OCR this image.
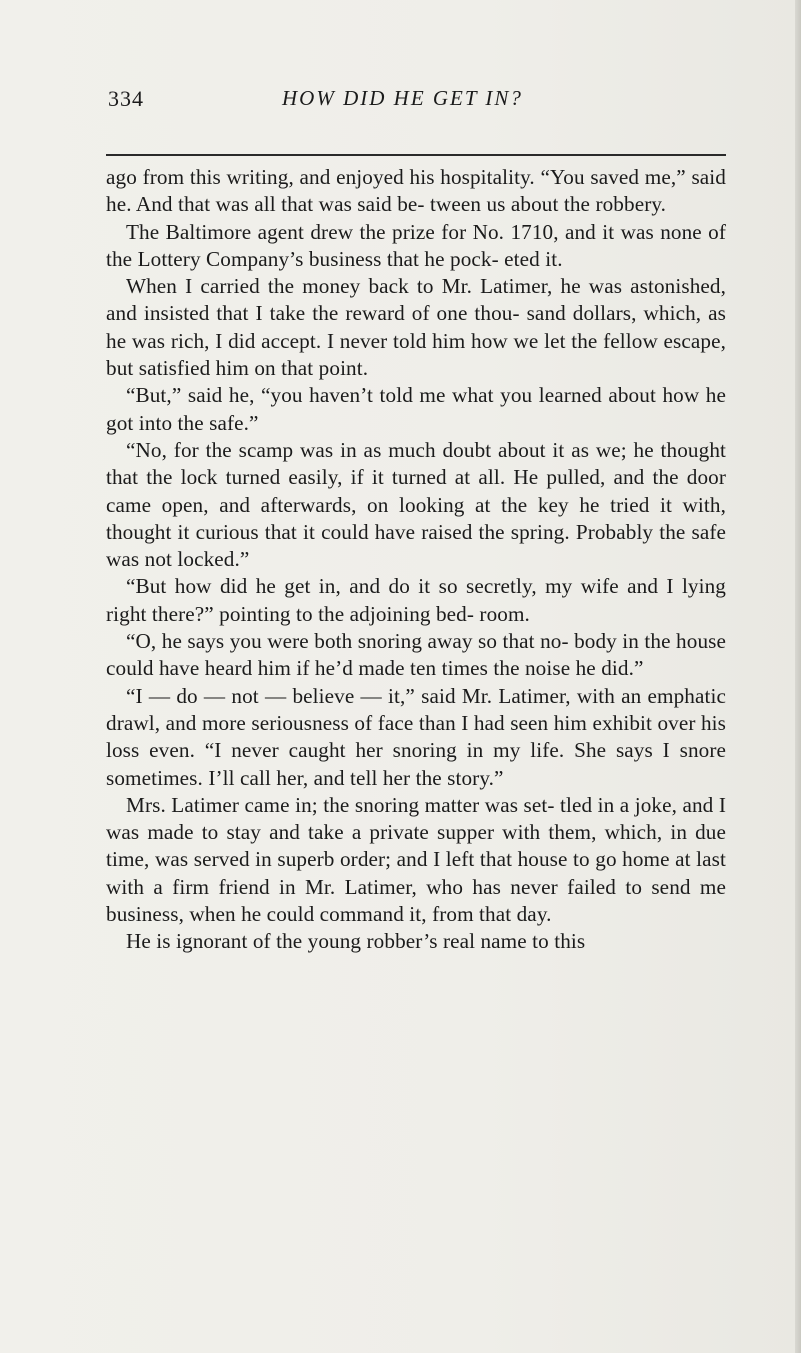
334	HOW DID HE GET IN?

ago from this writing, and enjoyed his hospitality. “You saved me,” said he. And that was all that was said be- tween us about the robbery.

The Baltimore agent drew the prize for No. 1710, and it was none of the Lottery Company’s business that he pock- eted it.

When I carried the money back to Mr. Latimer, he was astonished, and insisted that I take the reward of one thou- sand dollars, which, as he was rich, I did accept. I never told him how we let the fellow escape, but satisfied him on that point.

“But,” said he, “you haven’t told me what you learned about how he got into the safe.”

“No, for the scamp was in as much doubt about it as we; he thought that the lock turned easily, if it turned at all. He pulled, and the door came open, and afterwards, on looking at the key he tried it with, thought it curious that it could have raised the spring. Probably the safe was not locked.”

“But how did he get in, and do it so secretly, my wife and I lying right there?” pointing to the adjoining bed- room.

“O, he says you were both snoring away so that no- body in the house could have heard him if he’d made ten times the noise he did.”

“I — do — not — believe — it,” said Mr. Latimer, with an emphatic drawl, and more seriousness of face than I had seen him exhibit over his loss even. “I never caught her snoring in my life. She says I snore sometimes. I’ll call her, and tell her the story.”

Mrs. Latimer came in; the snoring matter was set- tled in a joke, and I was made to stay and take a private supper with them, which, in due time, was served in superb order; and I left that house to go home at last with a firm friend in Mr. Latimer, who has never failed to send me business, when he could command it, from that day.

He is ignorant of the young robber’s real name to this
